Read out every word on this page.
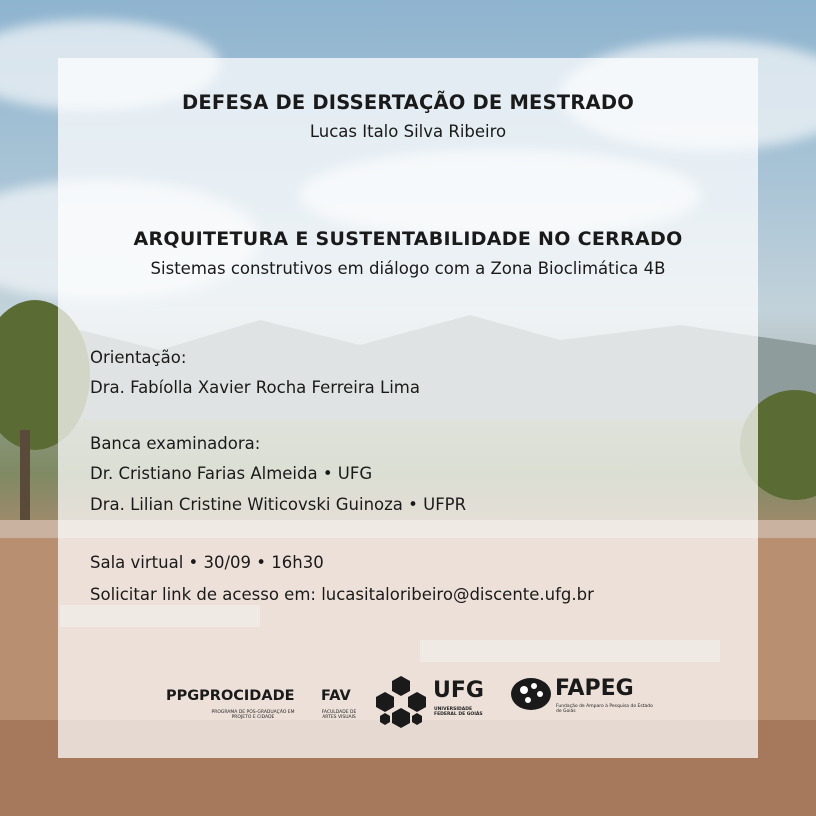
DEFESA DE DISSERTAÇÃO DE MESTRADO
Lucas Italo Silva Ribeiro
ARQUITETURA E SUSTENTABILIDADE NO CERRADO
Sistemas construtivos em diálogo com a Zona Bioclimática 4B
Orientação:
Dra. Fabíolla Xavier Rocha Ferreira Lima
Banca examinadora:
Dr. Cristiano Farias Almeida • UFG
Dra. Lilian Cristine Witicovski Guinoza • UFPR
Sala virtual • 30/09 • 16h30
Solicitar link de acesso em: lucasitaloribeiro@discente.ufg.br
PPGPROCIDADE
PROGRAMA DE PÓS-GRADUAÇÃO EM PROJETO E CIDADE
FAV
FACULDADE DE ARTES VISUAIS
UFG
UNIVERSIDADE FEDERAL DE GOIÁS
FAPEG
Fundação de Amparo à Pesquisa do Estado de Goiás
